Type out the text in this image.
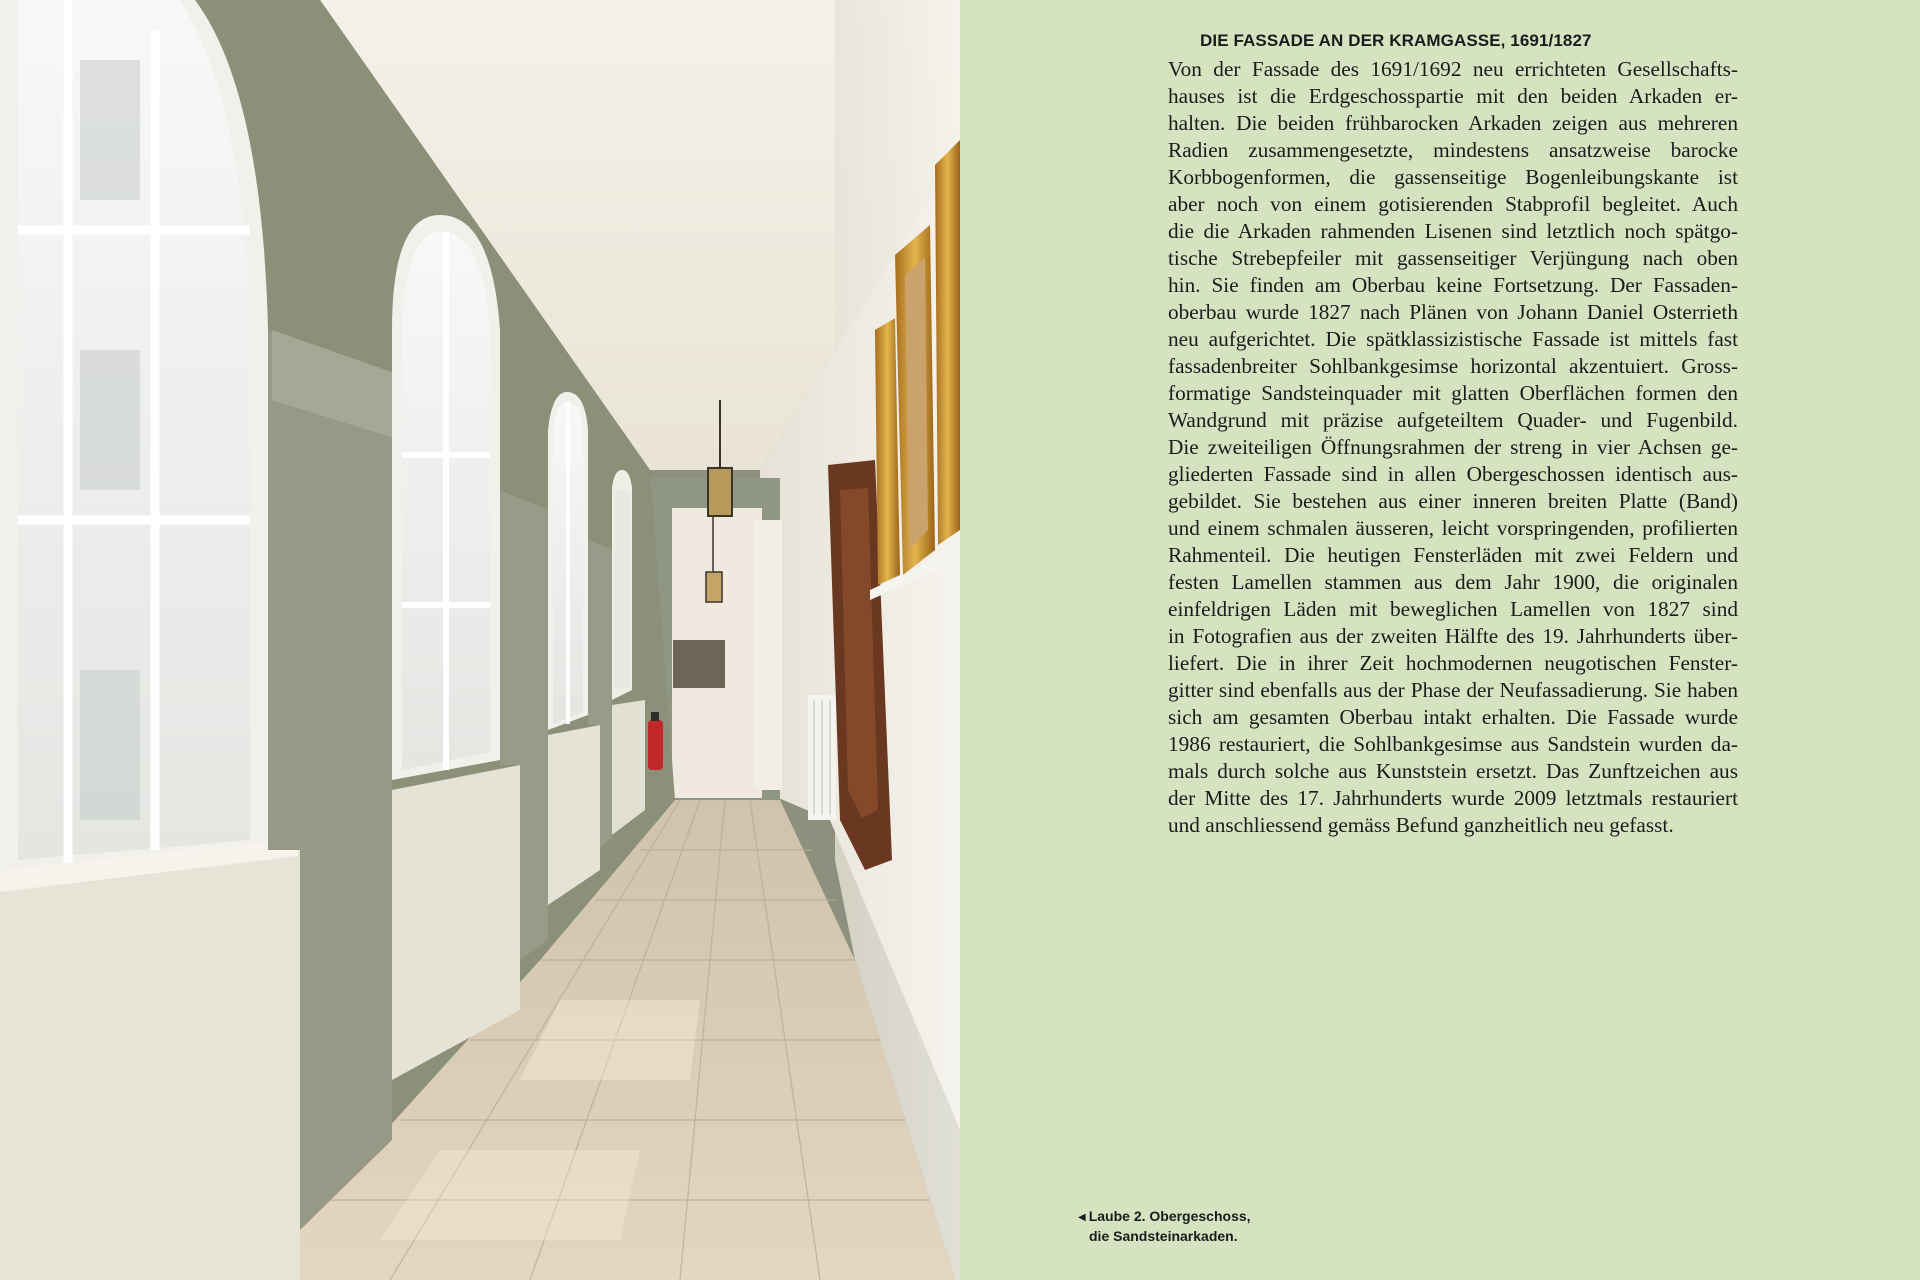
DIE FASSADE AN DER KRAMGASSE, 1691/1827
Von der Fassade des 1691/1692 neu errichteten Gesellschafts-
hauses ist die Erdgeschosspartie mit den beiden Arkaden er-
halten. Die beiden frühbarocken Arkaden zeigen aus mehreren
Radien zusammengesetzte, mindestens ansatzweise barocke
Korbbogenformen, die gassenseitige Bogenleibungskante ist
aber noch von einem gotisierenden Stabprofil begleitet. Auch
die die Arkaden rahmenden Lisenen sind letztlich noch spätgo-
tische Strebepfeiler mit gassenseitiger Verjüngung nach oben
hin. Sie finden am Oberbau keine Fortsetzung. Der Fassaden-
oberbau wurde 1827 nach Plänen von Johann Daniel Osterrieth
neu aufgerichtet. Die spätklassizistische Fassade ist mittels fast
fassadenbreiter Sohlbankgesimse horizontal akzentuiert. Gross-
formatige Sandsteinquader mit glatten Oberflächen formen den
Wandgrund mit präzise aufgeteiltem Quader- und Fugenbild.
Die zweiteiligen Öffnungsrahmen der streng in vier Achsen ge-
gliederten Fassade sind in allen Obergeschossen identisch aus-
gebildet. Sie bestehen aus einer inneren breiten Platte (Band)
und einem schmalen äusseren, leicht vorspringenden, profilierten
Rahmenteil. Die heutigen Fensterläden mit zwei Feldern und
festen Lamellen stammen aus dem Jahr 1900, die originalen
einfeldrigen Läden mit beweglichen Lamellen von 1827 sind
in Fotografien aus der zweiten Hälfte des 19. Jahrhunderts über-
liefert. Die in ihrer Zeit hochmodernen neugotischen Fenster-
gitter sind ebenfalls aus der Phase der Neufassadierung. Sie haben
sich am gesamten Oberbau intakt erhalten. Die Fassade wurde
1986 restauriert, die Sohlbankgesimse aus Sandstein wurden da-
mals durch solche aus Kunststein ersetzt. Das Zunftzeichen aus
der Mitte des 17. Jahrhunderts wurde 2009 letztmals restauriert
und anschliessend gemäss Befund ganzheitlich neu gefasst.
◀ Laube 2. Obergeschoss,
die Sandsteinarkaden.
